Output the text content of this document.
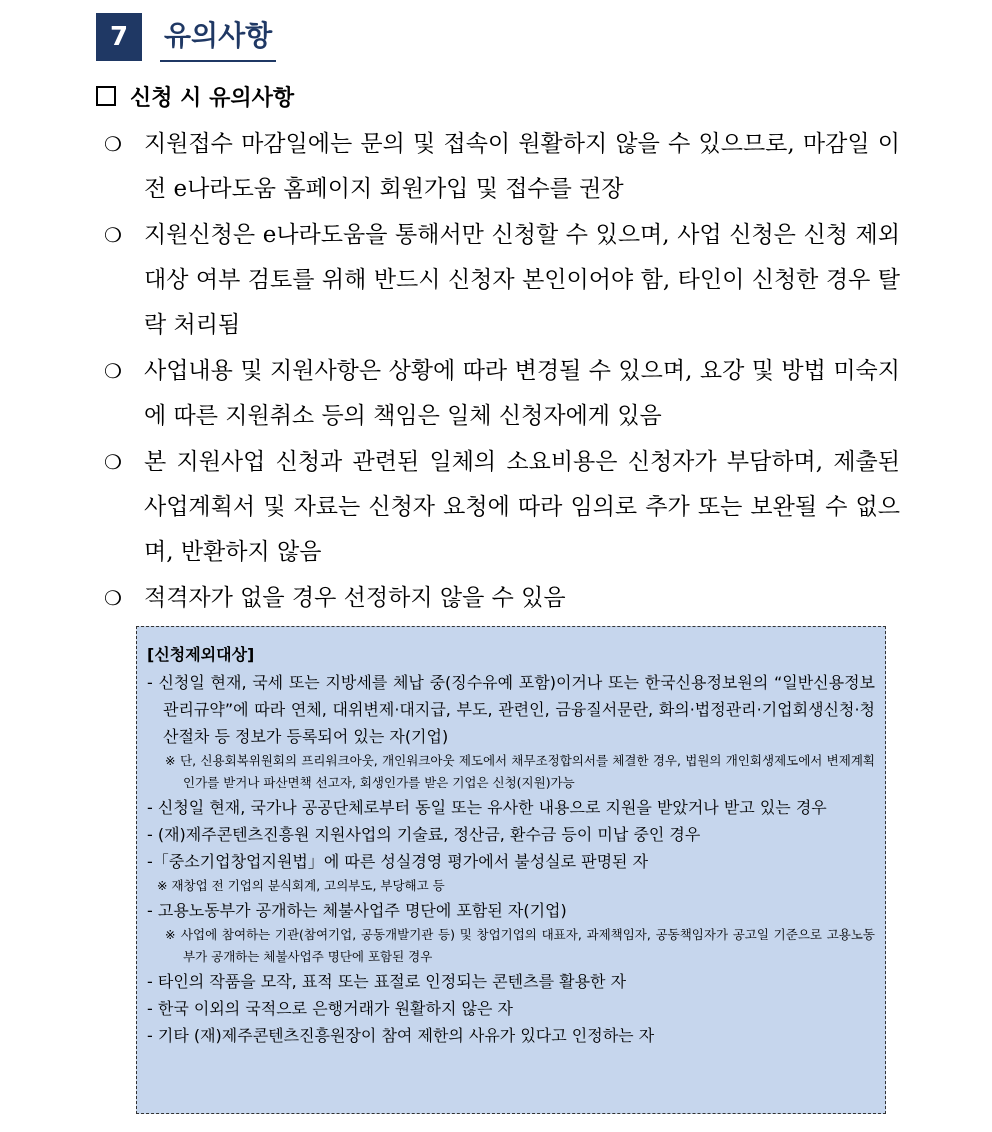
7	유의사항
신청 시 유의사항
❍ 지원접수 마감일에는 문의 및 접속이 원활하지 않을 수 있으므로, 마감일 이전 e나라도움 홈페이지 회원가입 및 접수를 권장
❍ 지원신청은 e나라도움을 통해서만 신청할 수 있으며, 사업 신청은 신청 제외대상 여부 검토를 위해 반드시 신청자 본인이어야 함, 타인이 신청한 경우 탈락 처리됨
❍ 사업내용 및 지원사항은 상황에 따라 변경될 수 있으며, 요강 및 방법 미숙지에 따른 지원취소 등의 책임은 일체 신청자에게 있음
❍ 본 지원사업 신청과 관련된 일체의 소요비용은 신청자가 부담하며, 제출된 사업계획서 및 자료는 신청자 요청에 따라 임의로 추가 또는 보완될 수 없으며, 반환하지 않음
❍ 적격자가 없을 경우 선정하지 않을 수 있음
[신청제외대상]
- 신청일 현재, 국세 또는 지방세를 체납 중(징수유예 포함)이거나 또는 한국신용정보원의 “일반신용정보관리규약”에 따라 연체, 대위변제·대지급, 부도, 관련인, 금융질서문란, 화의·법정관리·기업회생신청·청산절차 등 정보가 등록되어 있는 자(기업)
※ 단, 신용회복위원회의 프리워크아웃, 개인워크아웃 제도에서 채무조정합의서를 체결한 경우, 법원의 개인회생제도에서 변제계획인가를 받거나 파산면책 선고자, 회생인가를 받은 기업은 신청(지원)가능
- 신청일 현재, 국가나 공공단체로부터 동일 또는 유사한 내용으로 지원을 받았거나 받고 있는 경우
- (재)제주콘텐츠진흥원 지원사업의 기술료, 정산금, 환수금 등이 미납 중인 경우
-「중소기업창업지원법」에 따른 성실경영 평가에서 불성실로 판명된 자
※ 재창업 전 기업의 분식회계, 고의부도, 부당해고 등
- 고용노동부가 공개하는 체불사업주 명단에 포함된 자(기업)
※ 사업에 참여하는 기관(참여기업, 공동개발기관 등) 및 창업기업의 대표자, 과제책임자, 공동책임자가 공고일 기준으로 고용노동부가 공개하는 체불사업주 명단에 포함된 경우
- 타인의 작품을 모작, 표적 또는 표절로 인정되는 콘텐츠를 활용한 자
- 한국 이외의 국적으로 은행거래가 원활하지 않은 자
- 기타 (재)제주콘텐츠진흥원장이 참여 제한의 사유가 있다고 인정하는 자
